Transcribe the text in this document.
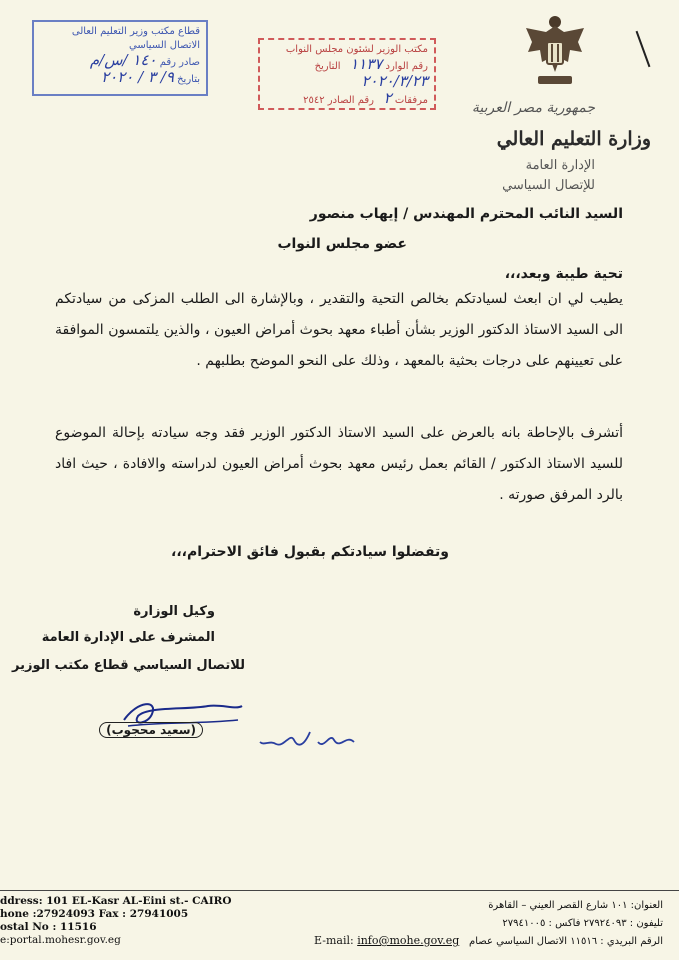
قطاع مكتب وزير التعليم العالى
الاتصال السياسي
صادر رقم ١٤٠ /س/م
بتاريخ ٩/ ٣ / ٢٠٢٠
مكتب الوزير لشئون مجلس النواب
رقم الوارد ١١٣٧   التاريخ ٢٠٢٠/٣/٢٣
مرفقات ٢   رقم الصادر ٢٥٤٢	جمهورية مصر العربية
وزارة التعليم العالي
الإدارة العامة
للإتصال السياسي
السيد النائب المحترم المهندس / إيهاب منصور
عضو مجلس النواب
تحية طيبة وبعد،،،
يطيب لي ان ابعث لسيادتكم بخالص التحية والتقدير ، وبالإشارة الى الطلب المزكى من سيادتكم الى السيد الاستاذ الدكتور الوزير بشأن أطباء معهد بحوث أمراض العيون ، والذين يلتمسون الموافقة على تعيينهم على درجات بحثية بالمعهد ، وذلك على النحو الموضح بطلبهم .
أتشرف بالإحاطة بانه بالعرض على السيد الاستاذ الدكتور الوزير فقد وجه سيادته بإحالة الموضوع للسيد الاستاذ الدكتور / القائم بعمل رئيس معهد بحوث أمراض العيون لدراسته والافادة ، حيث افاد بالرد المرفق صورته .
وتفضلوا سيادتكم بقبول فائق الاحترام،،،
وكيل الوزارة
المشرف على الإدارة العامة
للاتصال السياسي قطاع مكتب الوزير
(سعيد محجوب)
ddress: 101 EL-Kasr AL-Eini st.- CAIRO
hone :27924093 Fax : 27941005
ostal No : 11516
e:portal.mohesr.gov.eg	E-mail: info@mohe.gov.eg
العنوان: ١٠١ شارع القصر العيني – القاهرة
تليفون : ٢٧٩٢٤٠٩٣ فاكس : ٢٧٩٤١٠٠٥
الرقم البريدي : ١١٥١٦ الاتصال السياسي عصام
